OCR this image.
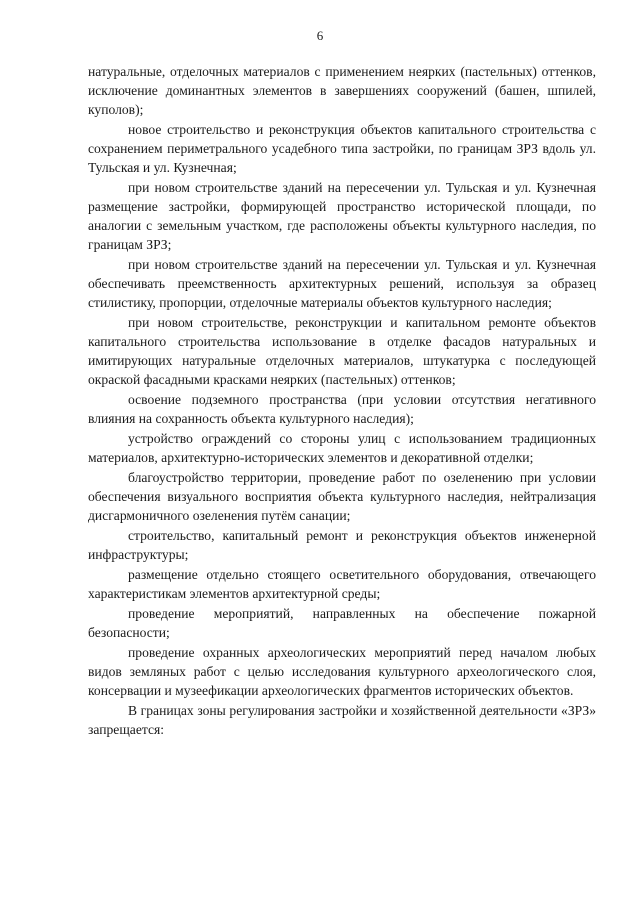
6

натуральные, отделочных материалов с применением неярких (пастельных) оттенков, исключение доминантных элементов в завершениях сооружений (башен, шпилей, куполов);

новое строительство и реконструкция объектов капитального строительства с сохранением периметрального усадебного типа застройки, по границам ЗРЗ вдоль ул. Тульская и ул. Кузнечная;

при новом строительстве зданий на пересечении ул. Тульская и ул. Кузнечная размещение застройки, формирующей пространство исторической площади, по аналогии с земельным участком, где расположены объекты культурного наследия, по границам ЗРЗ;

при новом строительстве зданий на пересечении ул. Тульская и ул. Кузнечная обеспечивать преемственность архитектурных решений, используя за образец стилистику, пропорции, отделочные материалы объектов культурного наследия;

при новом строительстве, реконструкции и капитальном ремонте объектов капитального строительства использование в отделке фасадов натуральных и имитирующих натуральные отделочных материалов, штукатурка с последующей окраской фасадными красками неярких (пастельных) оттенков;

освоение подземного пространства (при условии отсутствия негативного влияния на сохранность объекта культурного наследия);

устройство ограждений со стороны улиц с использованием традиционных материалов, архитектурно-исторических элементов и декоративной отделки;

благоустройство территории, проведение работ по озеленению при условии обеспечения визуального восприятия объекта культурного наследия, нейтрализация дисгармоничного озеленения путём санации;

строительство, капитальный ремонт и реконструкция объектов инженерной инфраструктуры;

размещение отдельно стоящего осветительного оборудования, отвечающего характеристикам элементов архитектурной среды;

проведение мероприятий, направленных на обеспечение пожарной безопасности;

проведение охранных археологических мероприятий перед началом любых видов земляных работ с целью исследования культурного археологического слоя, консервации и музеефикации археологических фрагментов исторических объектов.

В границах зоны регулирования застройки и хозяйственной деятельности «ЗРЗ» запрещается:
